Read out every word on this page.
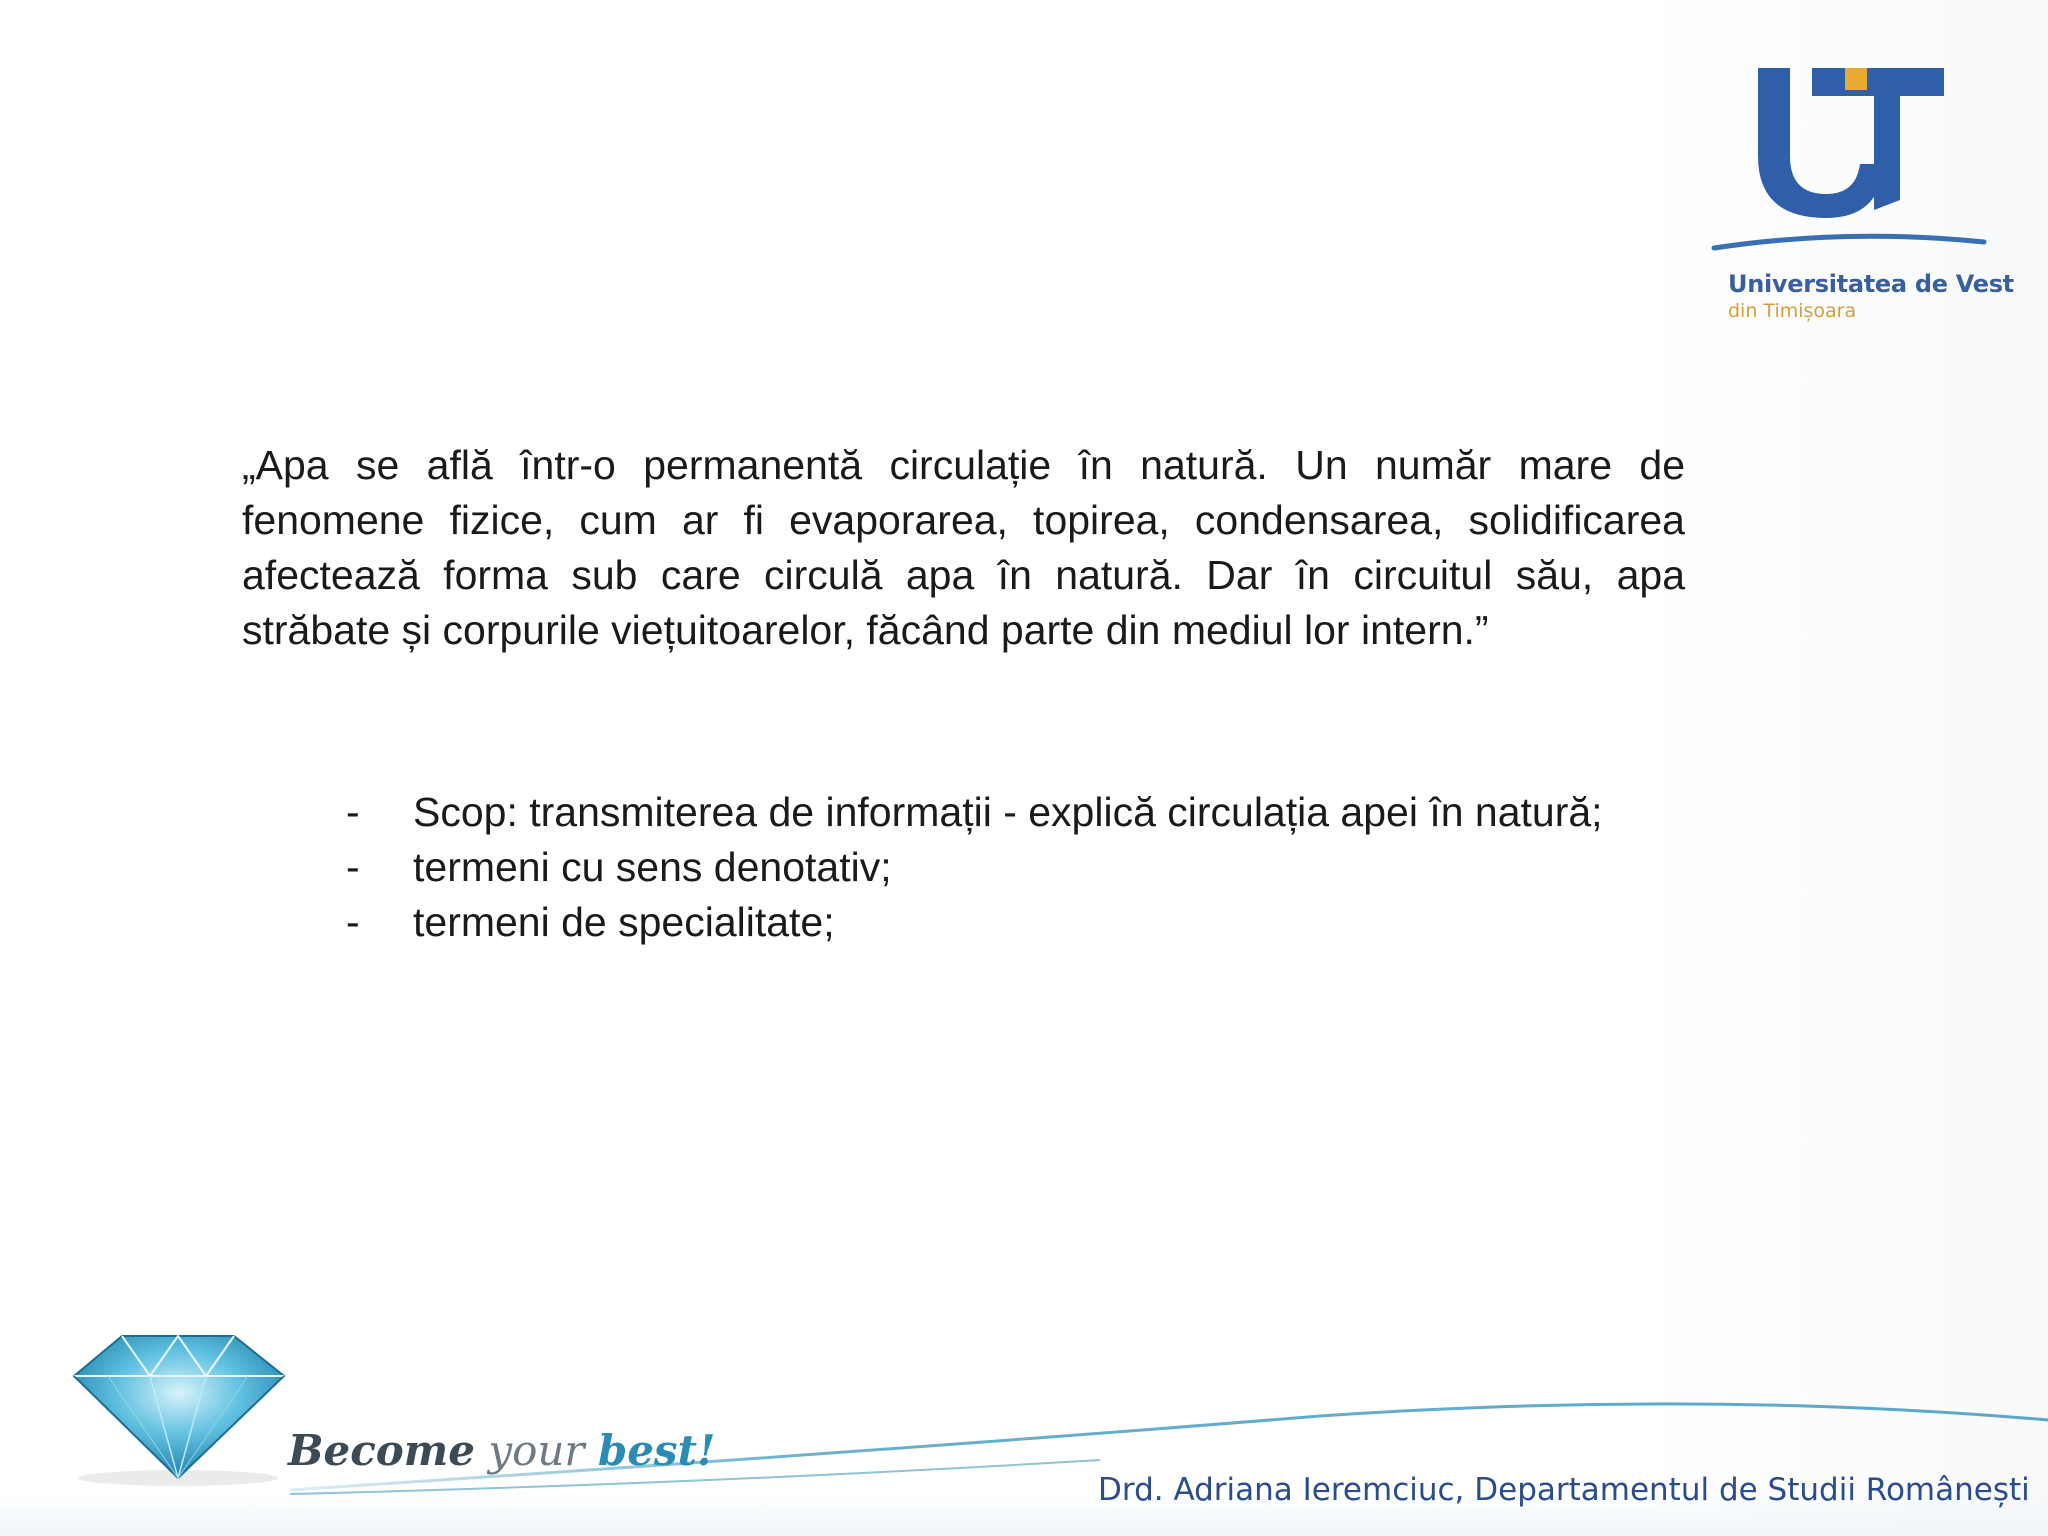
Universitatea de Vest
din Timișoara

„Apa se află într-o permanentă circulație în natură. Un număr mare de fenomene fizice, cum ar fi evaporarea, topirea, condensarea, solidificarea afectează forma sub care circulă apa în natură. Dar în circuitul său, apa străbate și corpurile viețuitoarelor, făcând parte din mediul lor intern.”

- Scop: transmiterea de informații - explică circulația apei în natură;
- termeni cu sens denotativ;
- termeni de specialitate;
Become your best!
Drd. Adriana Ieremciuc, Departamentul de Studii Românești
